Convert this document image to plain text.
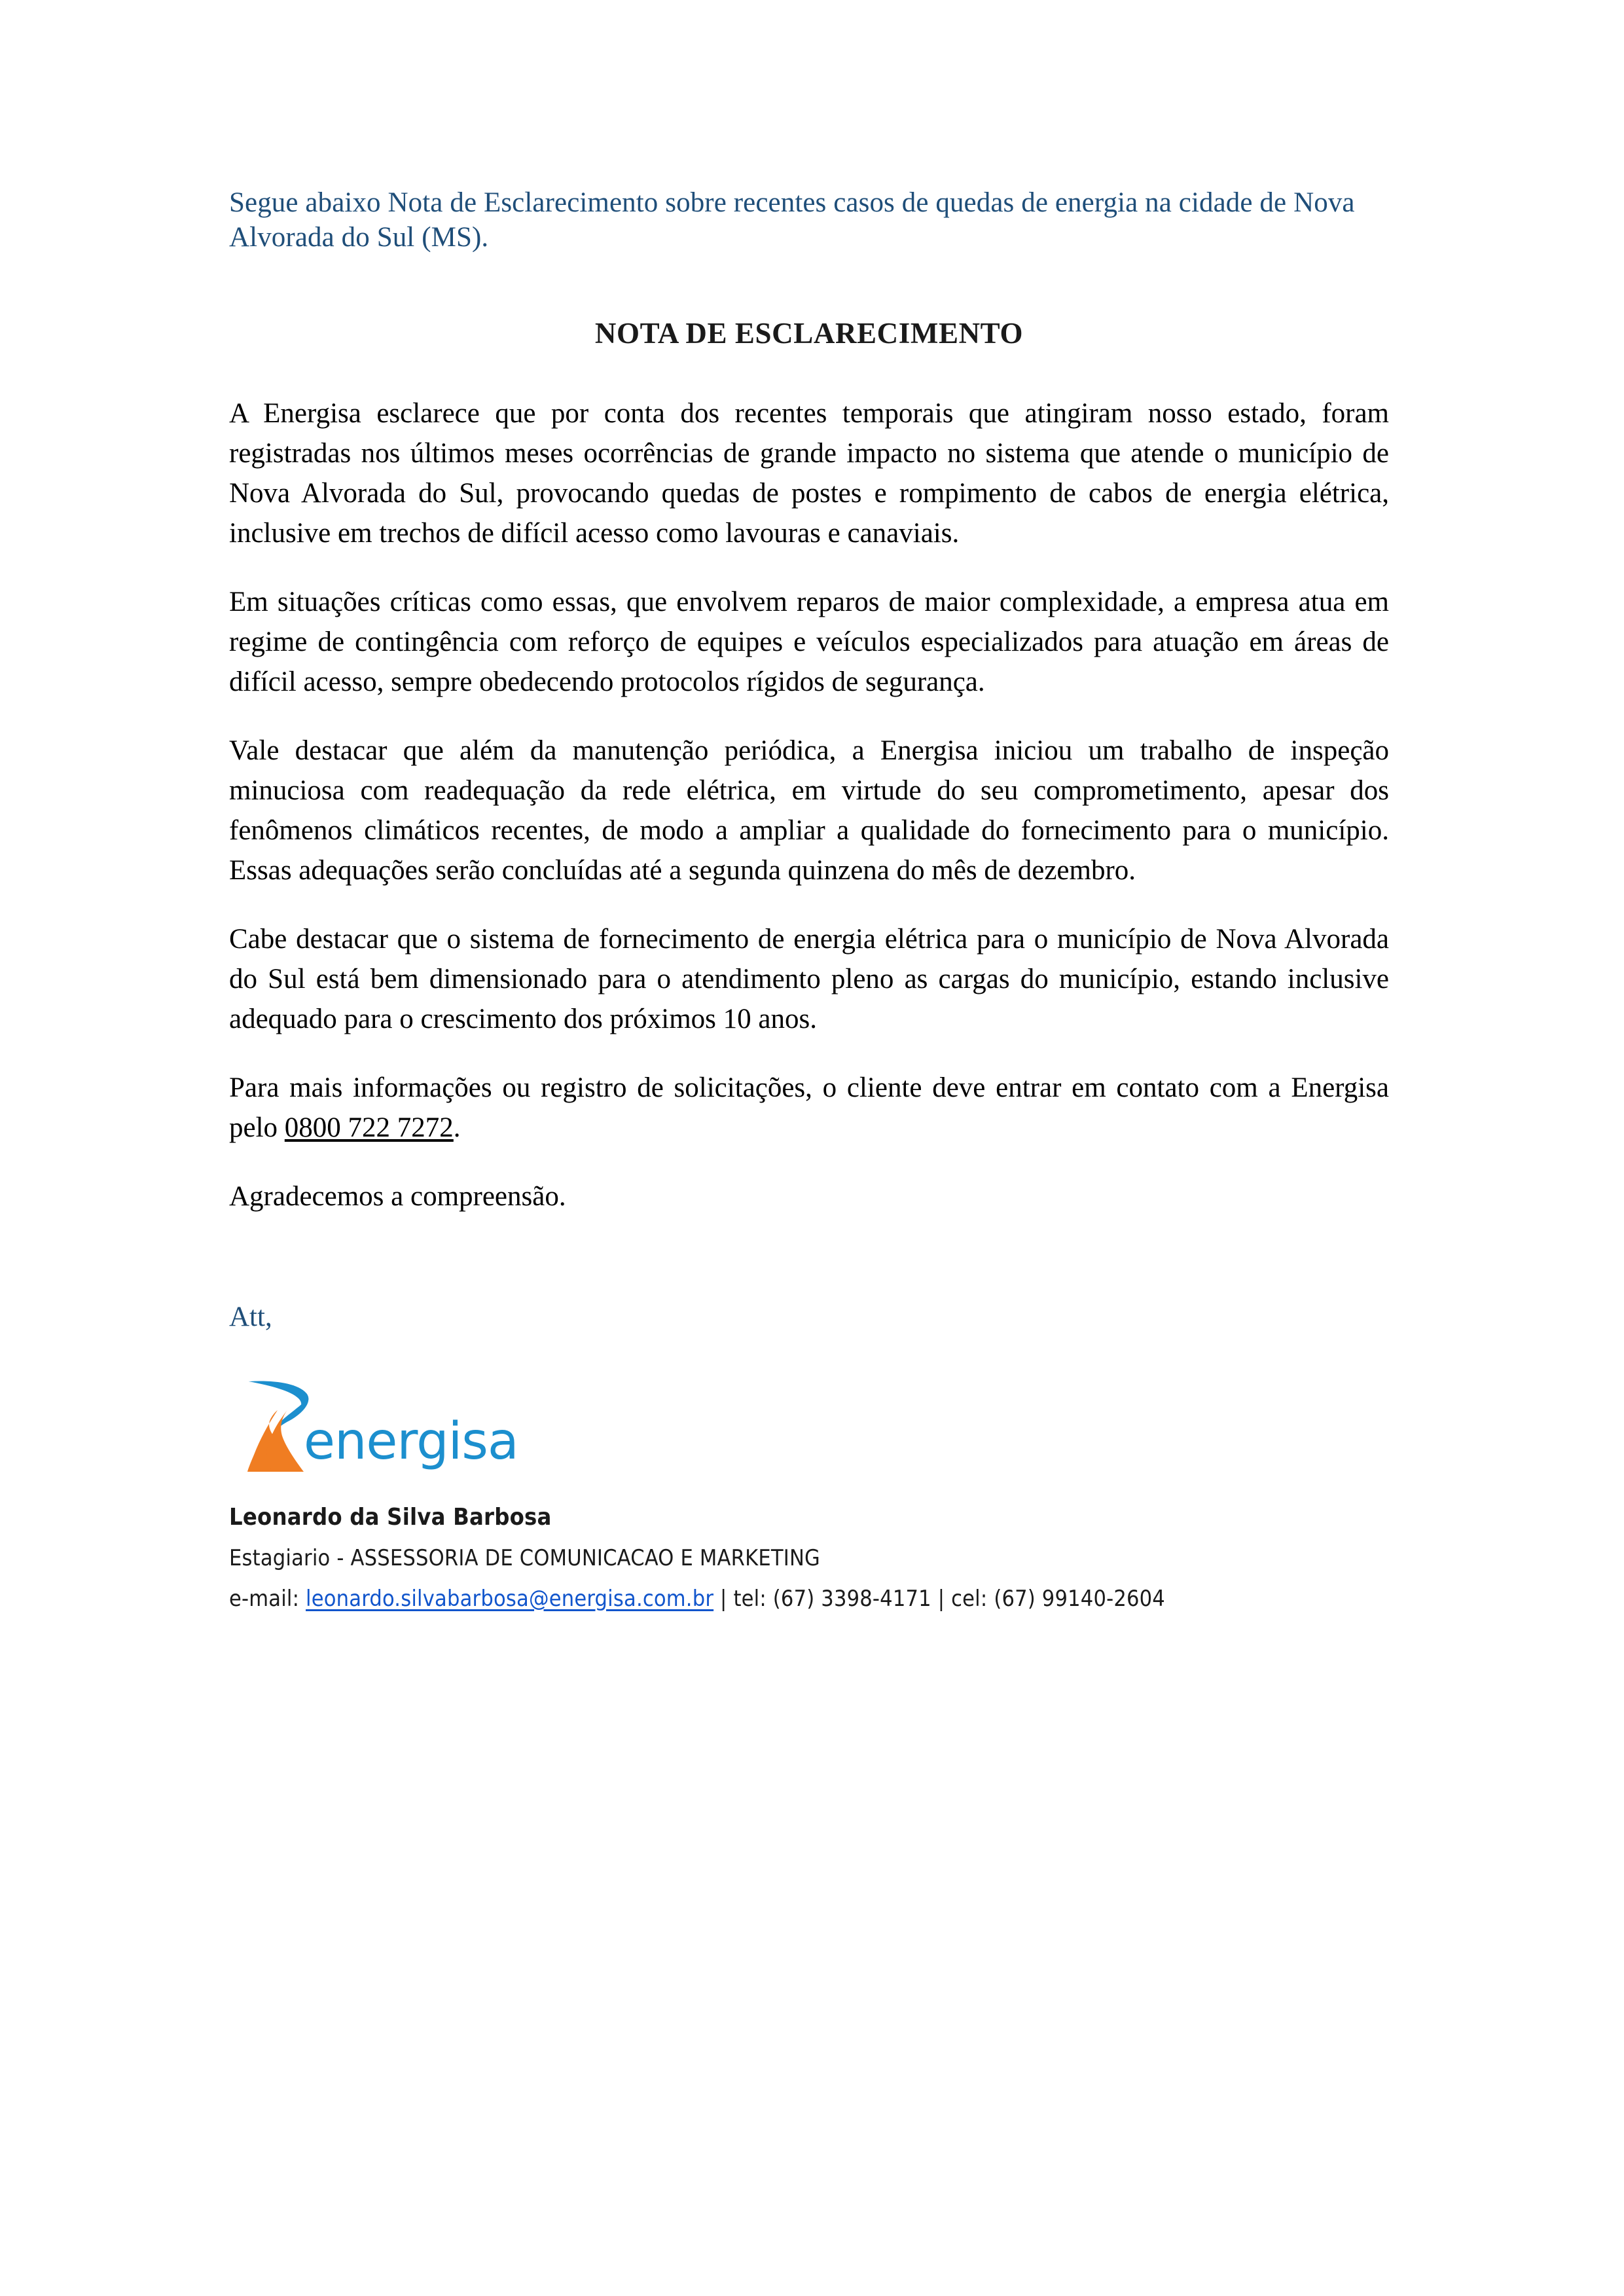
Segue abaixo Nota de Esclarecimento sobre recentes casos de quedas de energia na cidade de Nova Alvorada do Sul (MS).

NOTA DE ESCLARECIMENTO

A Energisa esclarece que por conta dos recentes temporais que atingiram nosso estado, foram registradas nos últimos meses ocorrências de grande impacto no sistema que atende o município de Nova Alvorada do Sul, provocando quedas de postes e rompimento de cabos de energia elétrica, inclusive em trechos de difícil acesso como lavouras e canaviais.

Em situações críticas como essas, que envolvem reparos de maior complexidade, a empresa atua em regime de contingência com reforço de equipes e veículos especializados para atuação em áreas de difícil acesso, sempre obedecendo protocolos rígidos de segurança.

Vale destacar que além da manutenção periódica, a Energisa iniciou um trabalho de inspeção minuciosa com readequação da rede elétrica, em virtude do seu comprometimento, apesar dos fenômenos climáticos recentes, de modo a ampliar a qualidade do fornecimento para o município. Essas adequações serão concluídas até a segunda quinzena do mês de dezembro.

Cabe destacar que o sistema de fornecimento de energia elétrica para o município de Nova Alvorada do Sul está bem dimensionado para o atendimento pleno as cargas do município, estando inclusive adequado para o crescimento dos próximos 10 anos.

Para mais informações ou registro de solicitações, o cliente deve entrar em contato com a Energisa pelo 0800 722 7272.

Agradecemos a compreensão.

Att,

energisa
Leonardo da Silva Barbosa
Estagiario - ASSESSORIA DE COMUNICACAO E MARKETING
e-mail: leonardo.silvabarbosa@energisa.com.br | tel: (67) 3398-4171 | cel: (67) 99140-2604
